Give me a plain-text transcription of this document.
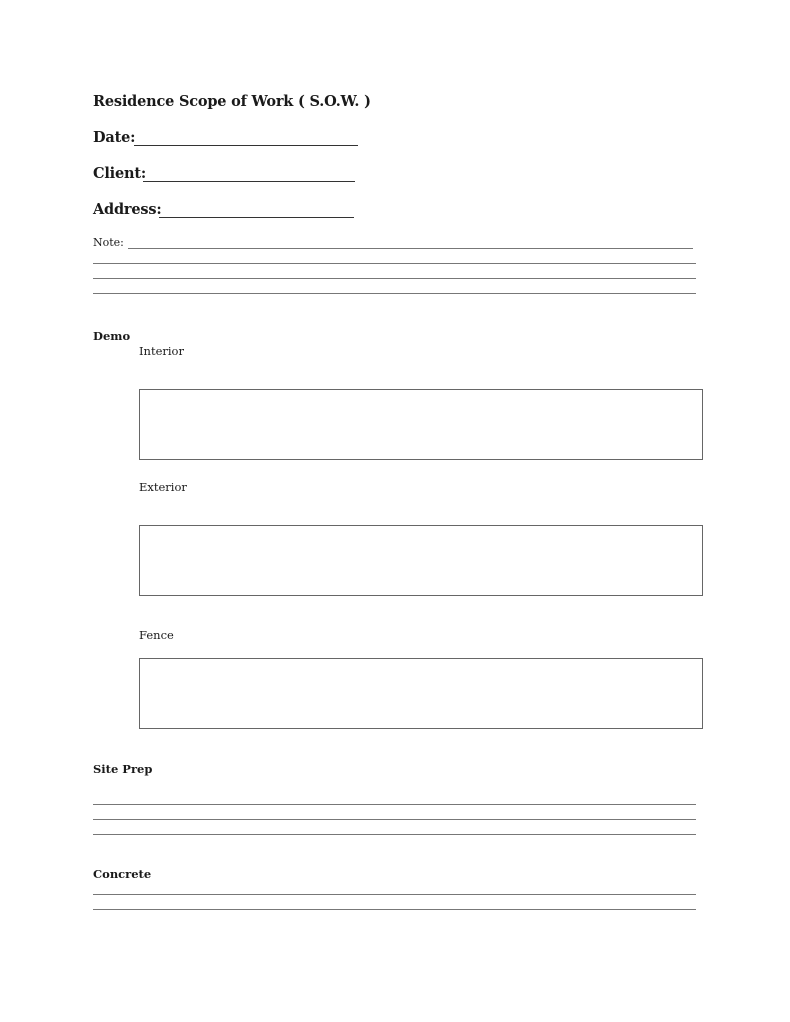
Residence Scope of Work ( S.O.W. )
Date:
Client:
Address:
Note:
Demo
Interior
Exterior
Fence
Site Prep
Concrete
